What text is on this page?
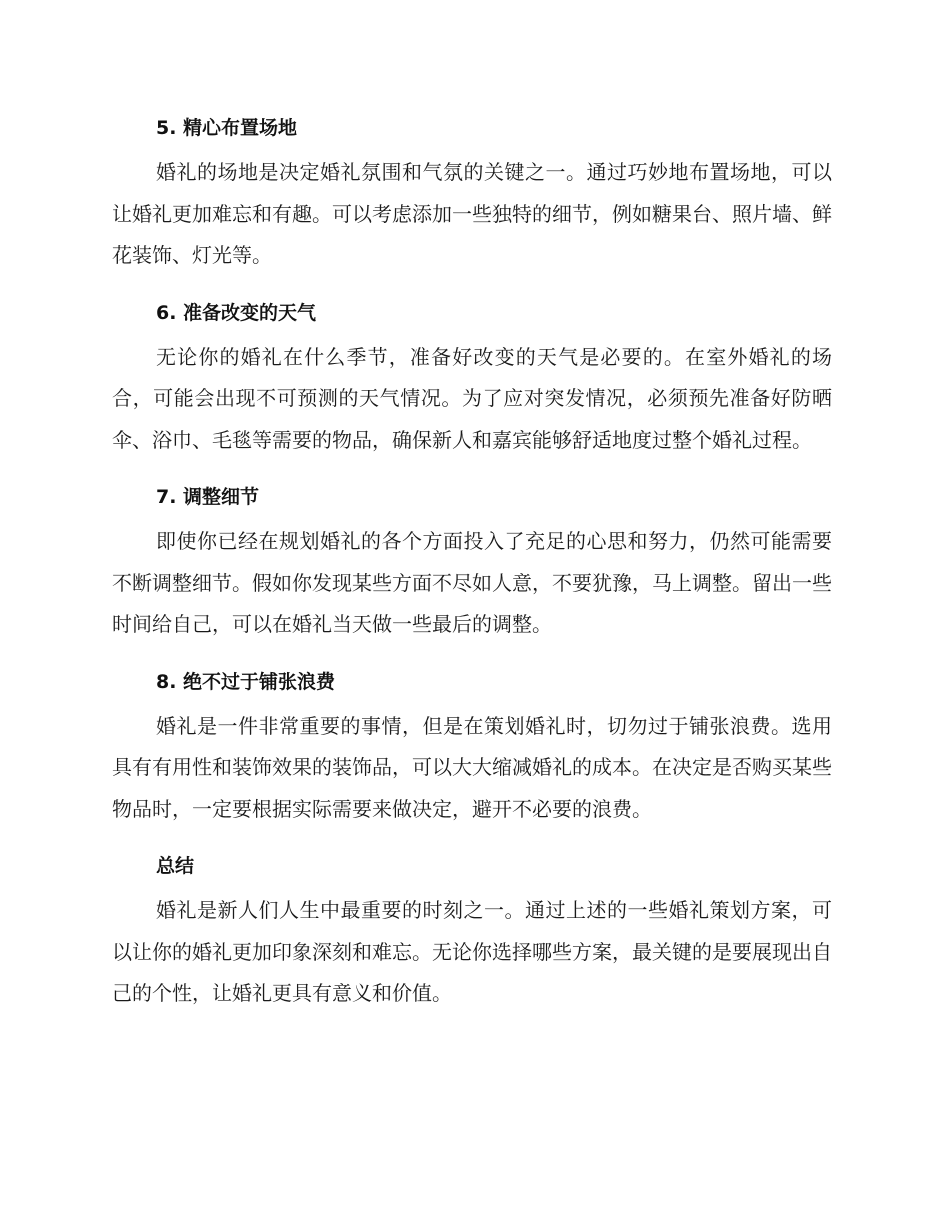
5. 精心布置场地

婚礼的场地是决定婚礼氛围和气氛的关键之一。通过巧妙地布置场地，可以让婚礼更加难忘和有趣。可以考虑添加一些独特的细节，例如糖果台、照片墙、鲜花装饰、灯光等。

6. 准备改变的天气

无论你的婚礼在什么季节，准备好改变的天气是必要的。在室外婚礼的场合，可能会出现不可预测的天气情况。为了应对突发情况，必须预先准备好防晒伞、浴巾、毛毯等需要的物品，确保新人和嘉宾能够舒适地度过整个婚礼过程。

7. 调整细节

即使你已经在规划婚礼的各个方面投入了充足的心思和努力，仍然可能需要不断调整细节。假如你发现某些方面不尽如人意，不要犹豫，马上调整。留出一些时间给自己，可以在婚礼当天做一些最后的调整。

8. 绝不过于铺张浪费

婚礼是一件非常重要的事情，但是在策划婚礼时，切勿过于铺张浪费。选用具有有用性和装饰效果的装饰品，可以大大缩减婚礼的成本。在决定是否购买某些物品时，一定要根据实际需要来做决定，避开不必要的浪费。

总结

婚礼是新人们人生中最重要的时刻之一。通过上述的一些婚礼策划方案，可以让你的婚礼更加印象深刻和难忘。无论你选择哪些方案，最关键的是要展现出自己的个性，让婚礼更具有意义和价值。
